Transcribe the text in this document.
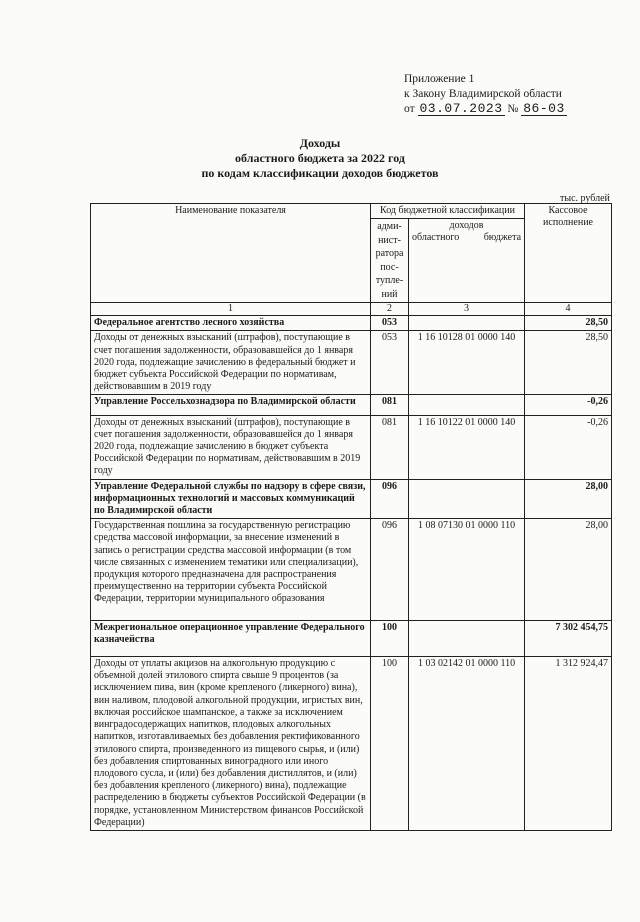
Приложение 1
к Закону Владимирской области
от 03.07.2023 № 86-03
Доходы
областного бюджета за 2022 год
по кодам классификации доходов бюджетов
тыс. рублей
Наименование показателя	Код бюджетной классификации		Кассовое исполнение
	адми-нист-ратора пос-тупле-ний	доходов
областного бюджета	

1	2	3	4
Федеральное агентство лесного хозяйства	053		28,50
Доходы от денежных взысканий (штрафов), поступающие в счет погашения задолженности, образовавшейся до 1 января 2020 года, подлежащие зачислению в федеральный бюджет и бюджет субъекта Российской Федерации по нормативам, действовавшим в 2019 году	053	1 16 10128 01 0000 140	28,50
Управление Россельхознадзора по Владимирской области	081		-0,26
Доходы от денежных взысканий (штрафов), поступающие в счет погашения задолженности, образовавшейся до 1 января 2020 года, подлежащие зачислению в бюджет субъекта Российской Федерации по нормативам, действовавшим в 2019 году	081	1 16 10122 01 0000 140	-0,26
Управление Федеральной службы по надзору в сфере связи, информационных технологий и массовых коммуникаций по Владимирской области	096		28,00
Государственная пошлина за государственную регистрацию средства массовой информации, за внесение изменений в запись о регистрации средства массовой информации (в том числе связанных с изменением тематики или специализации), продукция которого предназначена для распространения преимущественно на территории субъекта Российской Федерации, территории муниципального образования	096	1 08 07130 01 0000 110	28,00
Межрегиональное операционное управление Федерального казначейства	100		7 302 454,75
Доходы от уплаты акцизов на алкогольную продукцию с объемной долей этилового спирта свыше 9 процентов (за исключением пива, вин (кроме крепленого (ликерного) вина), вин наливом, плодовой алкогольной продукции, игристых вин, включая российское шампанское, а также за исключением винградосодержащих напитков, плодовых алкогольных напитков, изготавливаемых без добавления ректификованного этилового спирта, произведенного из пищевого сырья, и (или) без добавления спиртованных виноградного или иного плодового сусла, и (или) без добавления дистиллятов, и (или) без добавления крепленого (ликерного) вина), подлежащие распределению в бюджеты субъектов Российской Федерации (в порядке, установленном Министерством финансов Российской Федерации)	100	1 03 02142 01 0000 110	1 312 924,47
